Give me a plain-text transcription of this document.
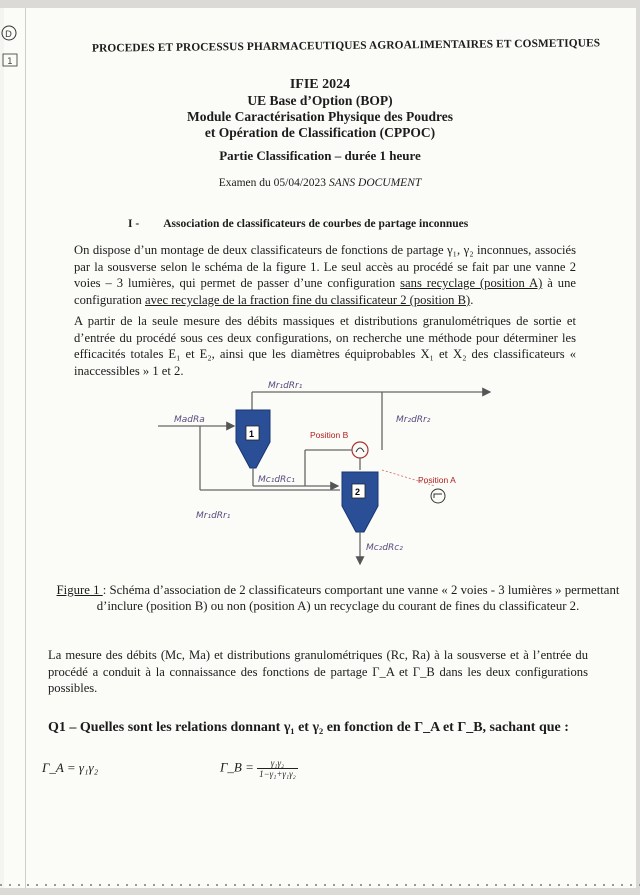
D
1
PROCEDES ET PROCESSUS PHARMACEUTIQUES AGROALIMENTAIRES ET COSMETIQUES
IFIE 2024
UE Base d’Option (BOP)
Module Caractérisation Physique des Poudres
et Opération de Classification (CPPOC)
Partie Classification – durée 1 heure
Examen du 05/04/2023 SANS DOCUMENT
I - Association de classificateurs de courbes de partage inconnues
On dispose d’un montage de deux classificateurs de fonctions de partage γ₁, γ₂ inconnues, associés par la sousverse selon le schéma de la figure 1. Le seul accès au procédé se fait par une vanne 2 voies – 3 lumières, qui permet de passer d’une configuration sans recyclage (position A) à une configuration avec recyclage de la fraction fine du classificateur 2 (position B).
A partir de la seule mesure des débits massiques et distributions granulométriques de sortie et d’entrée du procédé sous ces deux configurations, on recherche une méthode pour déterminer les efficacités totales E₁ et E₂, ainsi que les diamètres équiprobables X₁ et X₂ des classificateurs « inaccessibles » 1 et 2.
1
2
Position B
Position A
Mr₁dRr₁
MadRa	Mr₂dRr₂
Mc₁dRc₁
Mr₁dRr₁
Mc₂dRc₂
Figure 1 : Schéma d’association de 2 classificateurs comportant une vanne « 2 voies - 3 lumières » permettant d’inclure (position B) ou non (position A) un recyclage du courant de fines du classificateur 2.
La mesure des débits (Mc, Ma) et distributions granulométriques (Rc, Ra) à la sousverse et à l’entrée du procédé a conduit à la connaissance des fonctions de partage Γ_A et Γ_B dans les deux configurations possibles.
Q1 – Quelles sont les relations donnant γ₁ et γ₂ en fonction de Γ_A et Γ_B, sachant que :
Γ_A = γ₁γ₂	Γ_B = $\frac{\text{γ₁γ₂}}{\text{1−γ₁+γ₁γ₂}}$
